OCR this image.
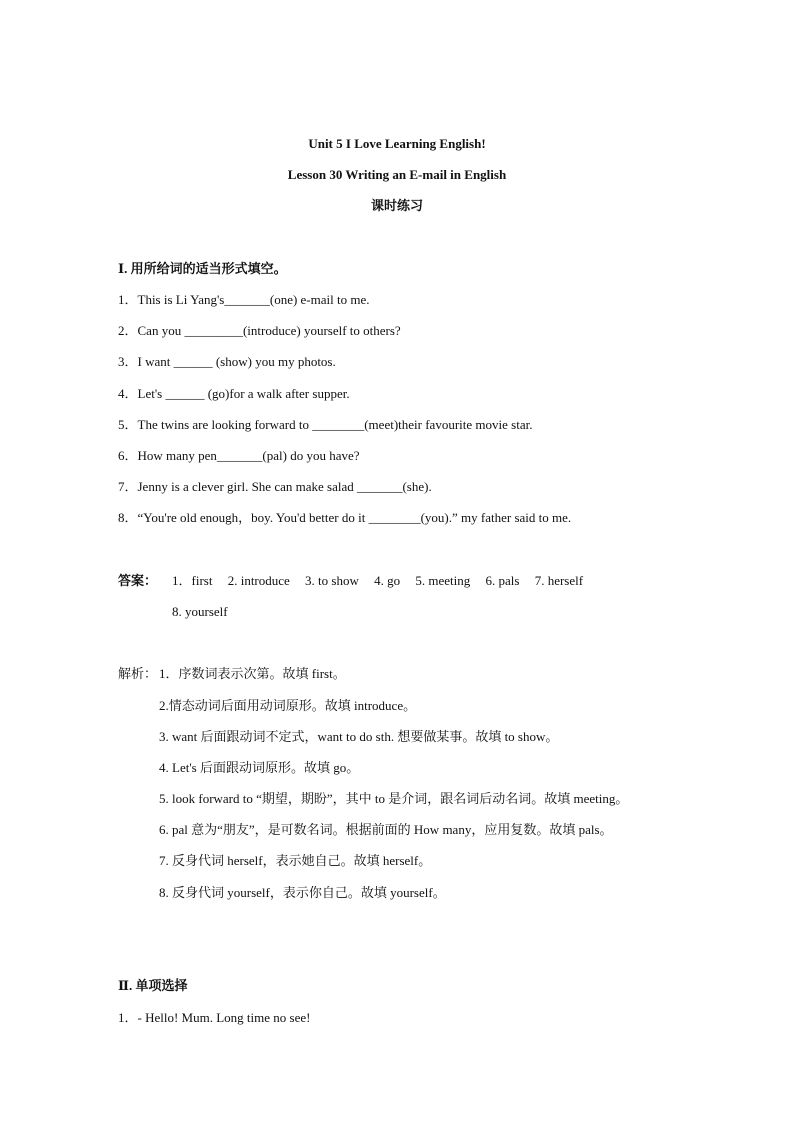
Unit 5 I Love Learning English!
Lesson 30 Writing an E-mail in English
课时练习
Ⅰ. 用所给词的适当形式填空。
1．This is Li Yang's_______(one) e-mail to me.
2．Can you _________(introduce) yourself to others?
3．I want ______ (show) you my photos.
4．Let's ______ (go)for a walk after supper.
5．The twins are looking forward to ________(meet)their favourite movie star.
6．How many pen_______(pal) do you have?
7．Jenny is a clever girl. She can make salad _______(she).
8．“You're old enough，boy. You'd better do it ________(you).” my father said to me.
答案： 1．first 2. introduce 3. to show 4. go 5. meeting 6. pals 7. herself
8. yourself
解析： 1．序数词表示次第。故填 first。
2.情态动词后面用动词原形。故填 introduce。
3. want 后面跟动词不定式，want to do sth. 想要做某事。故填 to show。
4. Let's 后面跟动词原形。故填 go。
5. look forward to “期望，期盼”，其中 to 是介词，跟名词后动名词。故填 meeting。
6. pal 意为“朋友”，是可数名词。根据前面的 How many，应用复数。故填 pals。
7. 反身代词 herself，表示她自己。故填 herself。
8. 反身代词 yourself，表示你自己。故填 yourself。
Ⅱ. 单项选择
1．- Hello! Mum. Long time no see!
